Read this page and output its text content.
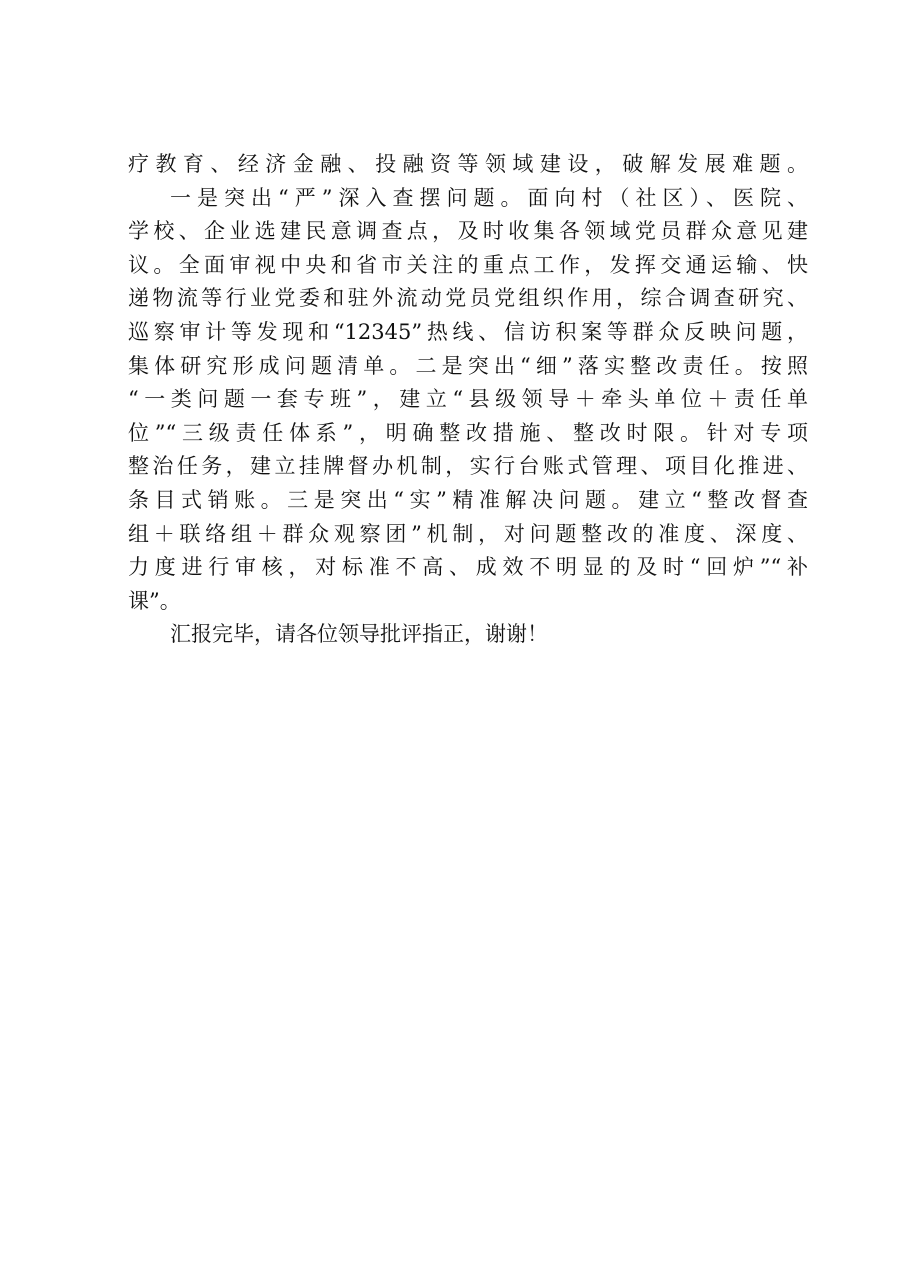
疗教育、经济金融、投融资等领域建设，破解发展难题。
一是突出“严”深入查摆问题。面向村（社区）、医院、
学校、企业选建民意调查点，及时收集各领域党员群众意见建
议。全面审视中央和省市关注的重点工作，发挥交通运输、快
递物流等行业党委和驻外流动党员党组织作用，综合调查研究、
巡察审计等发现和“12345”热线、信访积案等群众反映问题，
集体研究形成问题清单。二是突出“细”落实整改责任。按照
“一类问题一套专班”，建立“县级领导＋牵头单位＋责任单
位”“三级责任体系”，明确整改措施、整改时限。针对专项
整治任务，建立挂牌督办机制，实行台账式管理、项目化推进、
条目式销账。三是突出“实”精准解决问题。建立“整改督查
组＋联络组＋群众观察团”机制，对问题整改的准度、深度、
力度进行审核，对标准不高、成效不明显的及时“回炉”“补
课”。
汇报完毕，请各位领导批评指正，谢谢！
